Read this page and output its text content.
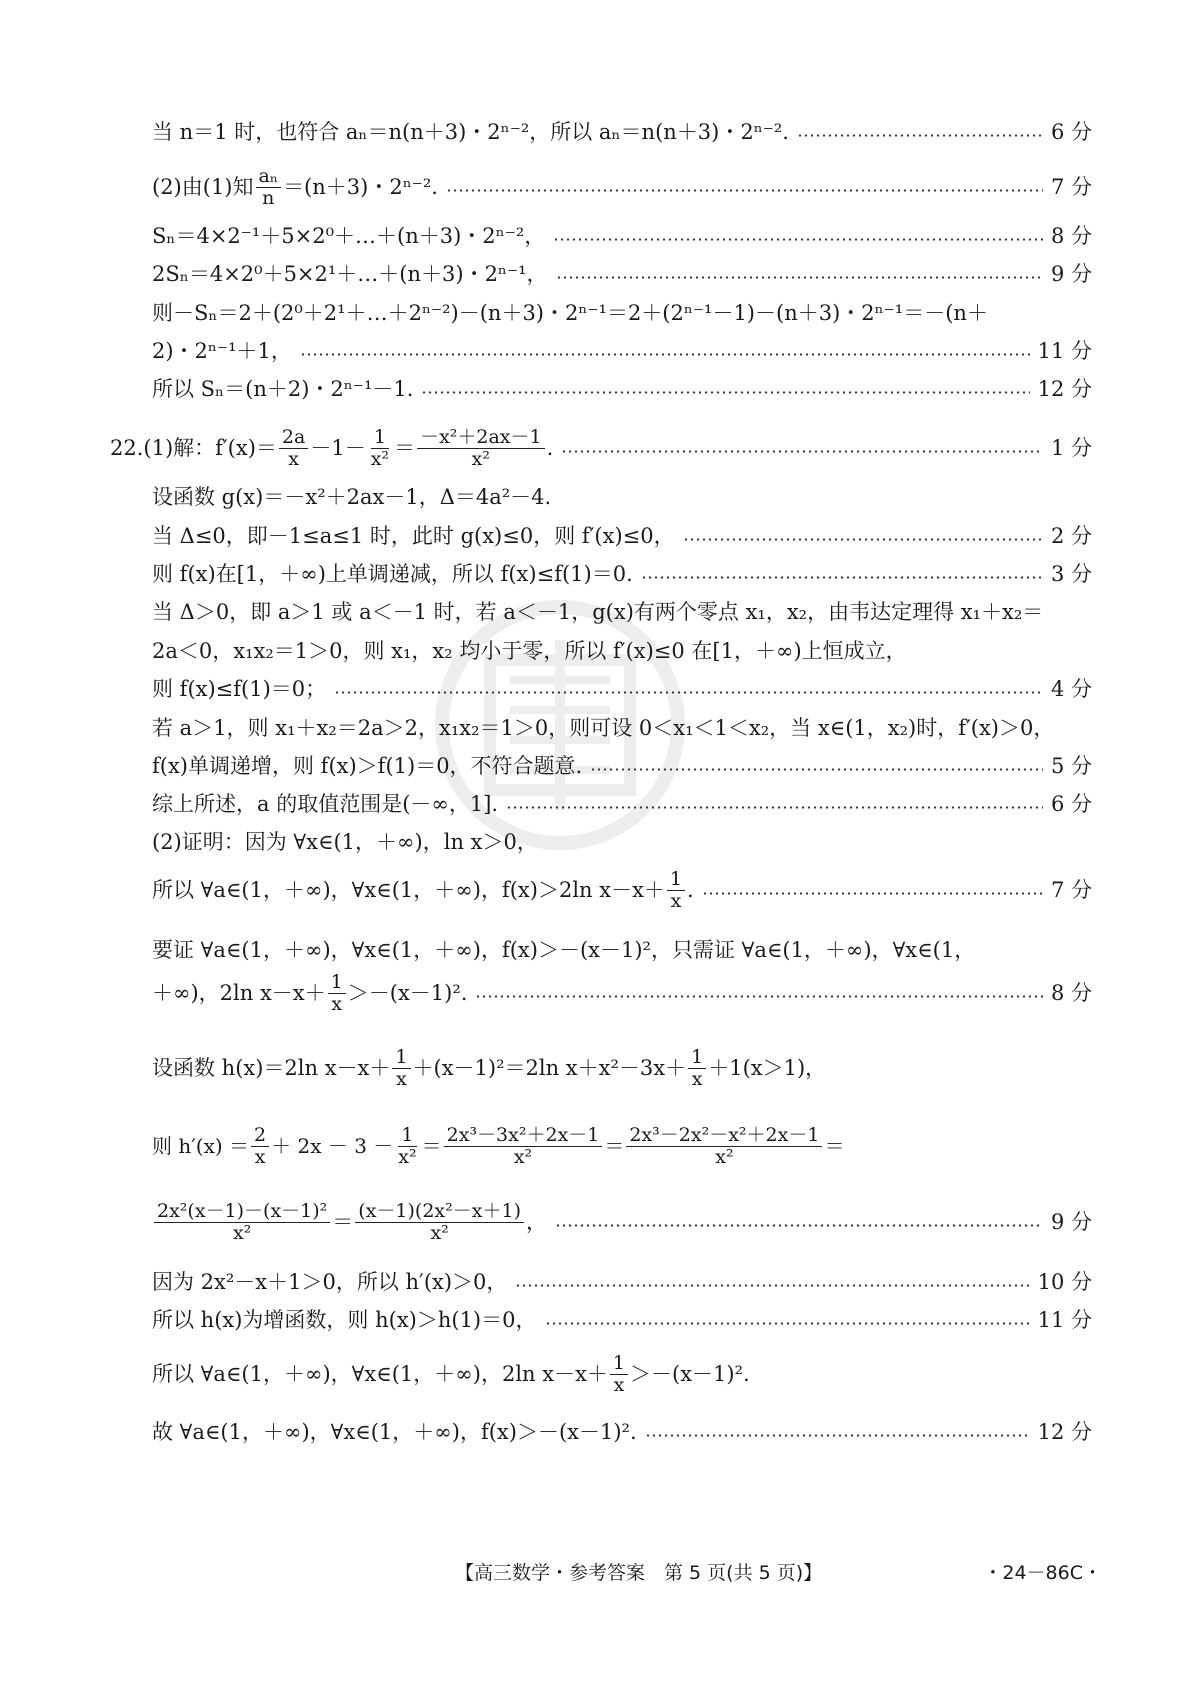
当 n＝1 时，也符合 aₙ＝n(n＋3)・2ⁿ⁻²，所以 aₙ＝n(n＋3)・2ⁿ⁻².	6 分
(2)由(1)知 $\frac{\text{aₙ}}{n} =(n+3)$・2ⁿ⁻².	7 分
Sₙ＝4×2⁻¹＋5×2⁰＋…＋(n＋3)・2ⁿ⁻²，	8 分
2Sₙ＝4×2⁰＋5×2¹＋…＋(n＋3)・2ⁿ⁻¹，	9 分
则－Sₙ＝2＋(2⁰＋2¹＋…＋2ⁿ⁻²)－(n＋3)・2ⁿ⁻¹＝2＋(2ⁿ⁻¹－1)－(n＋3)・2ⁿ⁻¹＝－(n＋
2)・2ⁿ⁻¹＋1，	11 分
所以 Sₙ＝(n＋2)・2ⁿ⁻¹－1.	12 分
22.(1)解：$f'(x)= \frac{2a}{x} -1- \frac{1}{\text{x²}} = \frac{\text{－x²＋2ax－1}}{\text{x²}}$ .	1 分
设函数 g(x)＝－x²＋2ax－1，Δ＝4a²－4.
当 Δ≤0，即－1≤a≤1 时，此时 g(x)≤0，则 f′(x)≤0，	2 分
则 f(x)在[1，＋∞)上单调递减，所以 f(x)≤f(1)＝0.	3 分
当 Δ＞0，即 a＞1 或 a＜－1 时，若 a＜－1，g(x)有两个零点 x₁，x₂，由韦达定理得 x₁＋x₂＝
2a＜0，x₁x₂＝1＞0，则 x₁，x₂ 均小于零，所以 f′(x)≤0 在[1，＋∞)上恒成立，
则 f(x)≤f(1)＝0；	4 分
若 a＞1，则 x₁＋x₂＝2a＞2，x₁x₂＝1＞0，则可设 0＜x₁＜1＜x₂，当 x∈(1，x₂)时，f′(x)＞0，
f(x)单调递增，则 f(x)＞f(1)＝0，不符合题意.	5 分
综上所述，a 的取值范围是(－∞，1].	6 分
(2)证明：因为 ∀x∈(1，＋∞)，ln x＞0，
所以 ∀a∈(1，＋∞)，∀x∈(1，＋∞)，f(x)＞2ln $x-x+ \frac{1}{x}$ .	7 分
要证 ∀a∈(1，＋∞)，∀x∈(1，＋∞)，f(x)＞－(x－1)²，只需证 ∀a∈(1，＋∞)，∀x∈(1，
＋∞)，2ln $x-x+ \frac{1}{x} >-(x-1)^2$.	8 分
设函数 h(x)＝2ln $x-x+ \frac{1}{x} +(x-1)^2=2\ln$ $x+x^2-3x+ \frac{1}{x} +1(x>1)$，
则 $h'(x) = \frac{2}{x} + 2x - 3 - \frac{1}{\text{x²}} = \frac{\text{2x³－3x²＋2x－1}}{\text{x²}} = \frac{\text{2x³－2x²－x²＋2x－1}}{\text{x²}}$ ＝
$\frac{\text{2x²(x－1)－(x－1)²}}{\text{x²}} = \frac{\text{(x－1)(2x²－x＋1)}}{\text{x²}}$ ，	9 分
因为 2x²－x＋1＞0，所以 h′(x)＞0，	10 分
所以 h(x)为增函数，则 h(x)＞h(1)＝0，	11 分
所以 ∀a∈(1，＋∞)，∀x∈(1，＋∞)，2ln $x-x+ \frac{1}{x} >-(x-1)^2$.
故 ∀a∈(1，＋∞)，∀x∈(1，＋∞)，f(x)＞－(x－1)².	12 分
【高三数学・参考答案　第 5 页(共 5 页)】	・24－86C・
